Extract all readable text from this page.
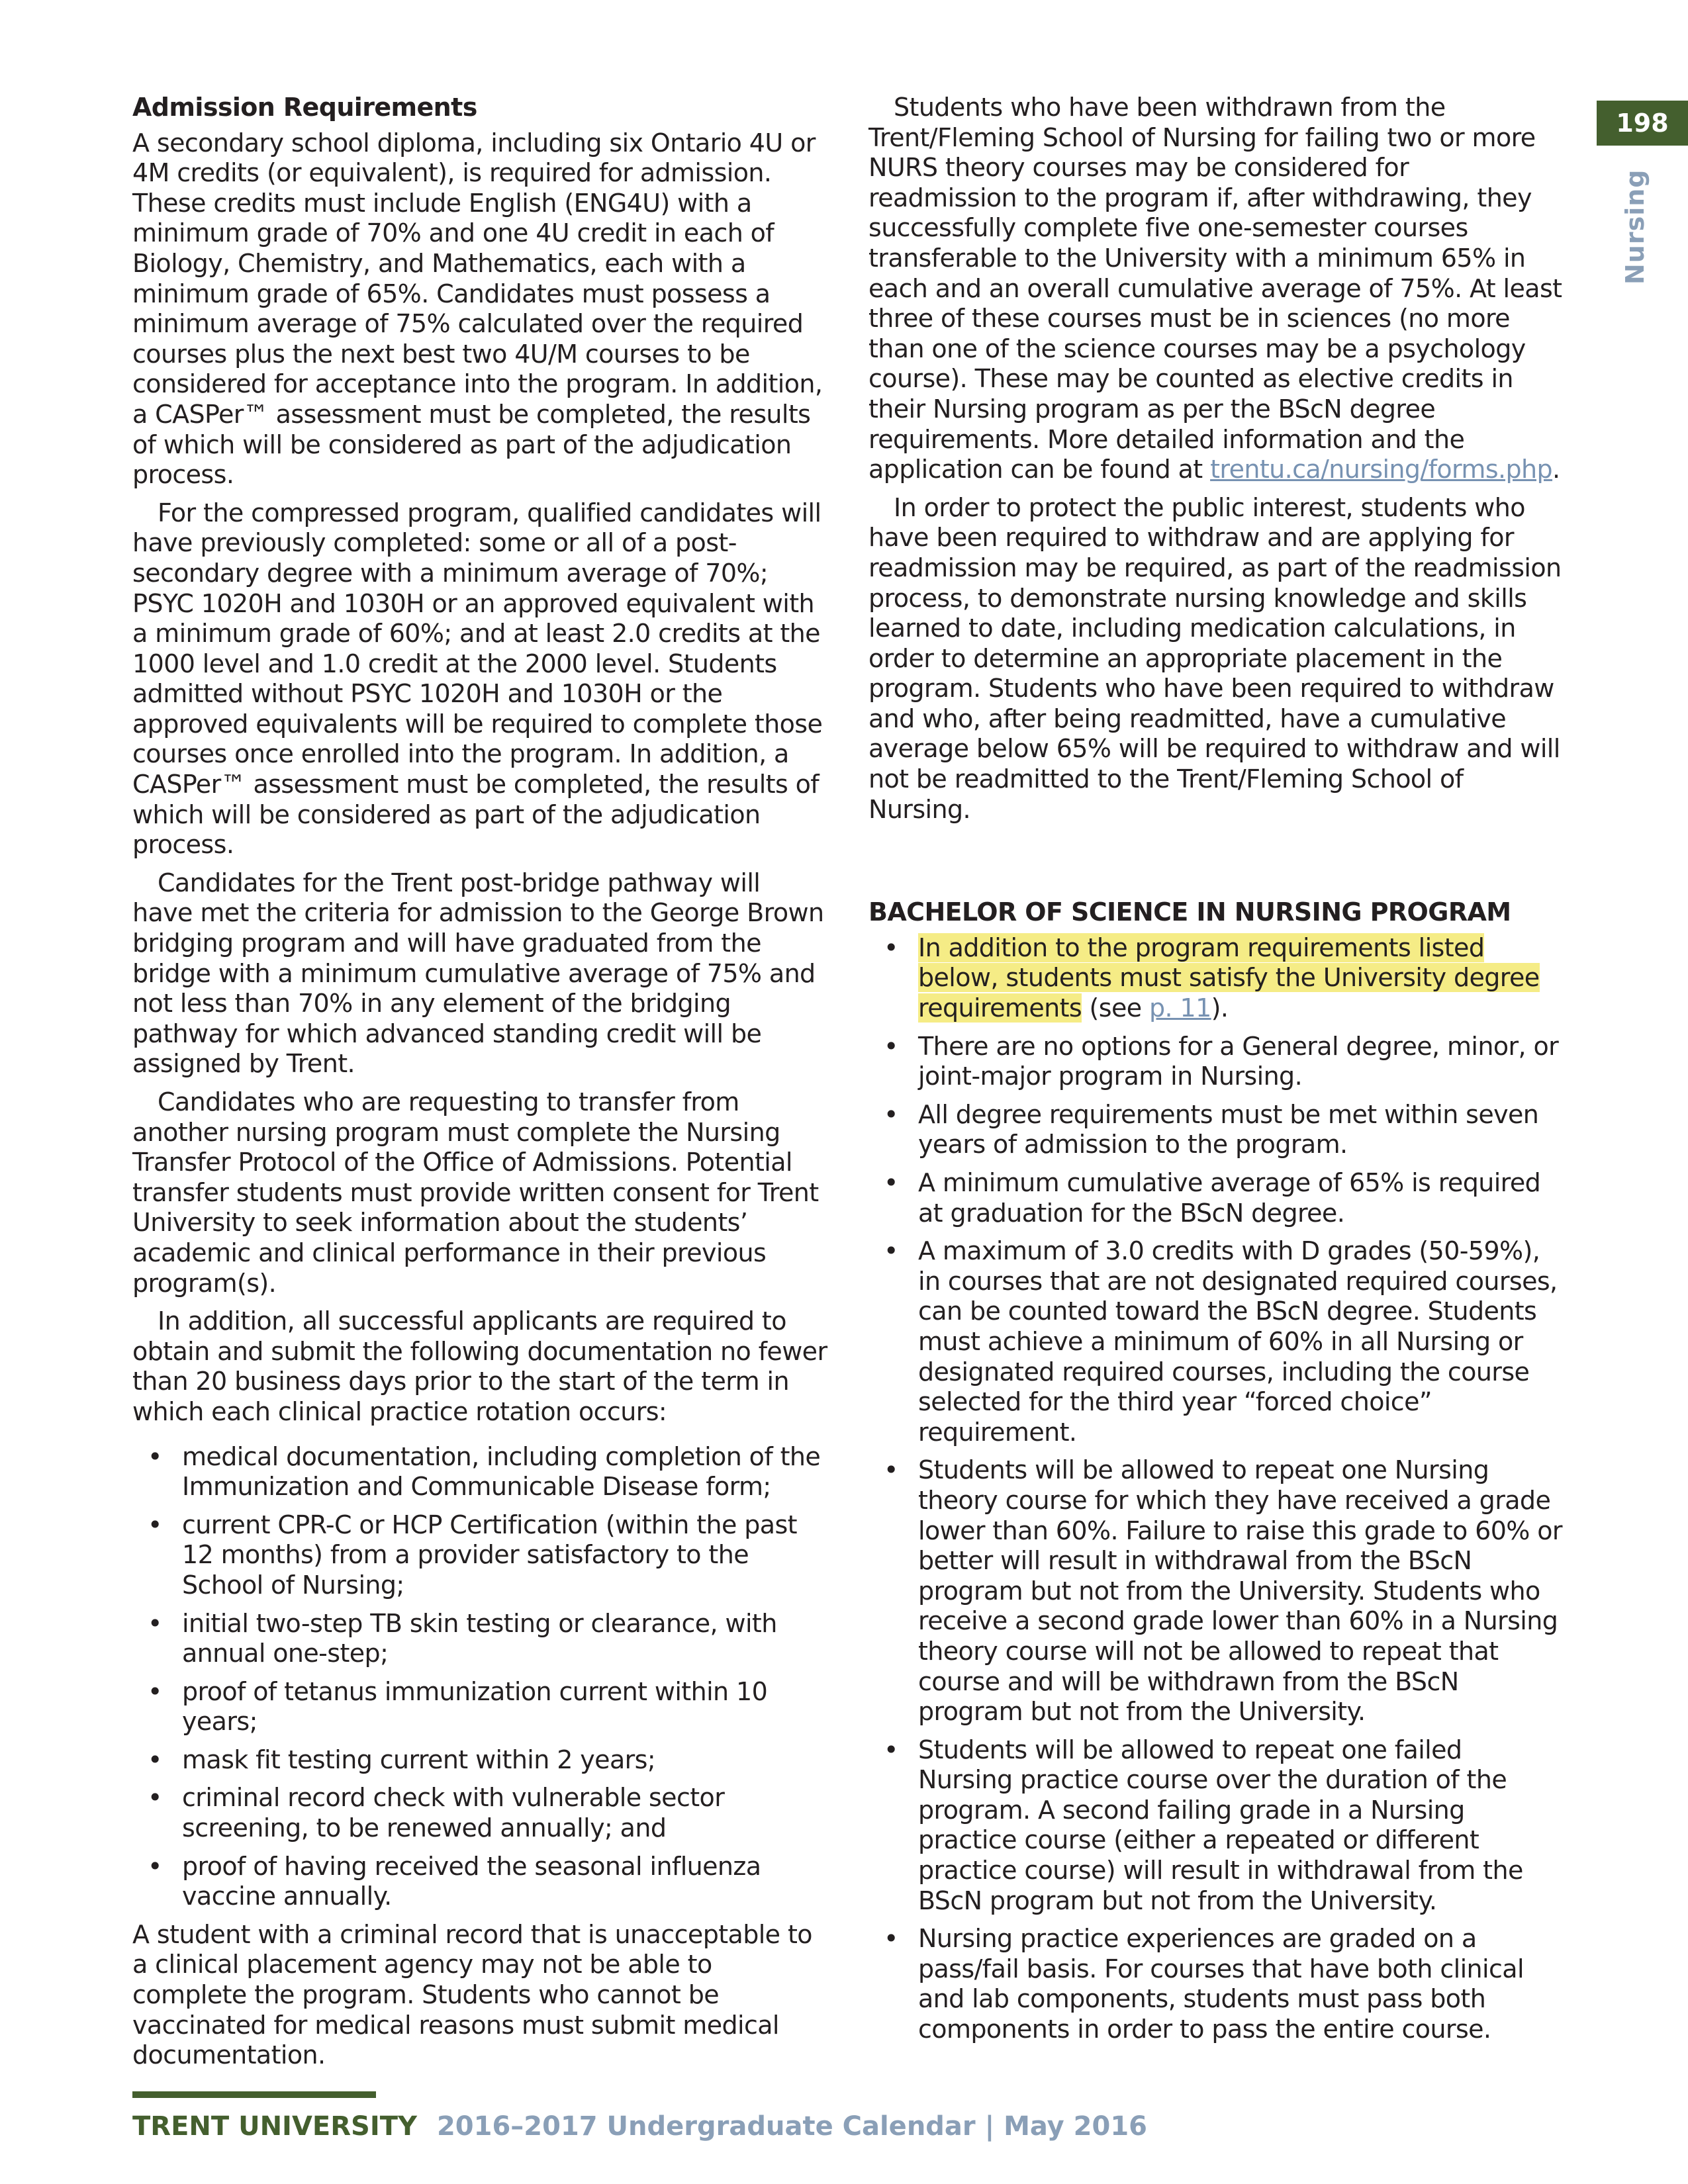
198
Nursing
Admission Requirements

A secondary school diploma, including six Ontario 4U or 4M credits (or equivalent), is required for admission. These credits must include English (ENG4U) with a minimum grade of 70% and one 4U credit in each of Biology, Chemistry, and Mathematics, each with a minimum grade of 65%. Candidates must possess a minimum average of 75% calculated over the required courses plus the next best two 4U/M courses to be considered for acceptance into the program. In addition, a CASPer™ assessment must be completed, the results of which will be considered as part of the adjudication process.

For the compressed program, qualified candidates will have previously completed: some or all of a post-secondary degree with a minimum average of 70%; PSYC 1020H and 1030H or an approved equivalent with a minimum grade of 60%; and at least 2.0 credits at the 1000 level and 1.0 credit at the 2000 level. Students admitted without PSYC 1020H and 1030H or the approved equivalents will be required to complete those courses once enrolled into the program. In addition, a CASPer™ assessment must be completed, the results of which will be considered as part of the adjudication process.

Candidates for the Trent post-bridge pathway will have met the criteria for admission to the George Brown bridging program and will have graduated from the bridge with a minimum cumulative average of 75% and not less than 70% in any element of the bridging pathway for which advanced standing credit will be assigned by Trent.

Candidates who are requesting to transfer from another nursing program must complete the Nursing Transfer Protocol of the Office of Admissions. Potential transfer students must provide written consent for Trent University to seek information about the students’ academic and clinical performance in their previous program(s).

In addition, all successful applicants are required to obtain and submit the following documentation no fewer than 20 business days prior to the start of the term in which each clinical practice rotation occurs:

• medical documentation, including completion of the Immunization and Communicable Disease form;
• current CPR-C or HCP Certification (within the past 12 months) from a provider satisfactory to the School of Nursing;
• initial two-step TB skin testing or clearance, with annual one-step;
• proof of tetanus immunization current within 10 years;
• mask fit testing current within 2 years;
• criminal record check with vulnerable sector screening, to be renewed annually; and
• proof of having received the seasonal influenza vaccine annually.

A student with a criminal record that is unacceptable to a clinical placement agency may not be able to complete the program. Students who cannot be vaccinated for medical reasons must submit medical documentation.

Students who have been withdrawn from the Trent/Fleming School of Nursing for failing two or more NURS theory courses may be considered for readmission to the program if, after withdrawing, they successfully complete five one-semester courses transferable to the University with a minimum 65% in each and an overall cumulative average of 75%. At least three of these courses must be in sciences (no more than one of the science courses may be a psychology course). These may be counted as elective credits in their Nursing program as per the BScN degree requirements. More detailed information and the application can be found at trentu.ca/nursing/forms.php.

In order to protect the public interest, students who have been required to withdraw and are applying for readmission may be required, as part of the readmission process, to demonstrate nursing knowledge and skills learned to date, including medication calculations, in order to determine an appropriate placement in the program. Students who have been required to withdraw and who, after being readmitted, have a cumulative average below 65% will be required to withdraw and will not be readmitted to the Trent/Fleming School of Nursing.

BACHELOR OF SCIENCE IN NURSING PROGRAM
• In addition to the program requirements listed below, students must satisfy the University degree requirements (see p. 11).
• There are no options for a General degree, minor, or joint-major program in Nursing.
• All degree requirements must be met within seven years of admission to the program.
• A minimum cumulative average of 65% is required at graduation for the BScN degree.
• A maximum of 3.0 credits with D grades (50-59%), in courses that are not designated required courses, can be counted toward the BScN degree. Students must achieve a minimum of 60% in all Nursing or designated required courses, including the course selected for the third year “forced choice” requirement.
• Students will be allowed to repeat one Nursing theory course for which they have received a grade lower than 60%. Failure to raise this grade to 60% or better will result in withdrawal from the BScN program but not from the University. Students who receive a second grade lower than 60% in a Nursing theory course will not be allowed to repeat that course and will be withdrawn from the BScN program but not from the University.
• Students will be allowed to repeat one failed Nursing practice course over the duration of the program. A second failing grade in a Nursing practice course (either a repeated or different practice course) will result in withdrawal from the BScN program but not from the University.
• Nursing practice experiences are graded on a pass/fail basis. For courses that have both clinical and lab components, students must pass both components in order to pass the entire course.
TRENT UNIVERSITY 2016–2017 Undergraduate Calendar | May 2016
